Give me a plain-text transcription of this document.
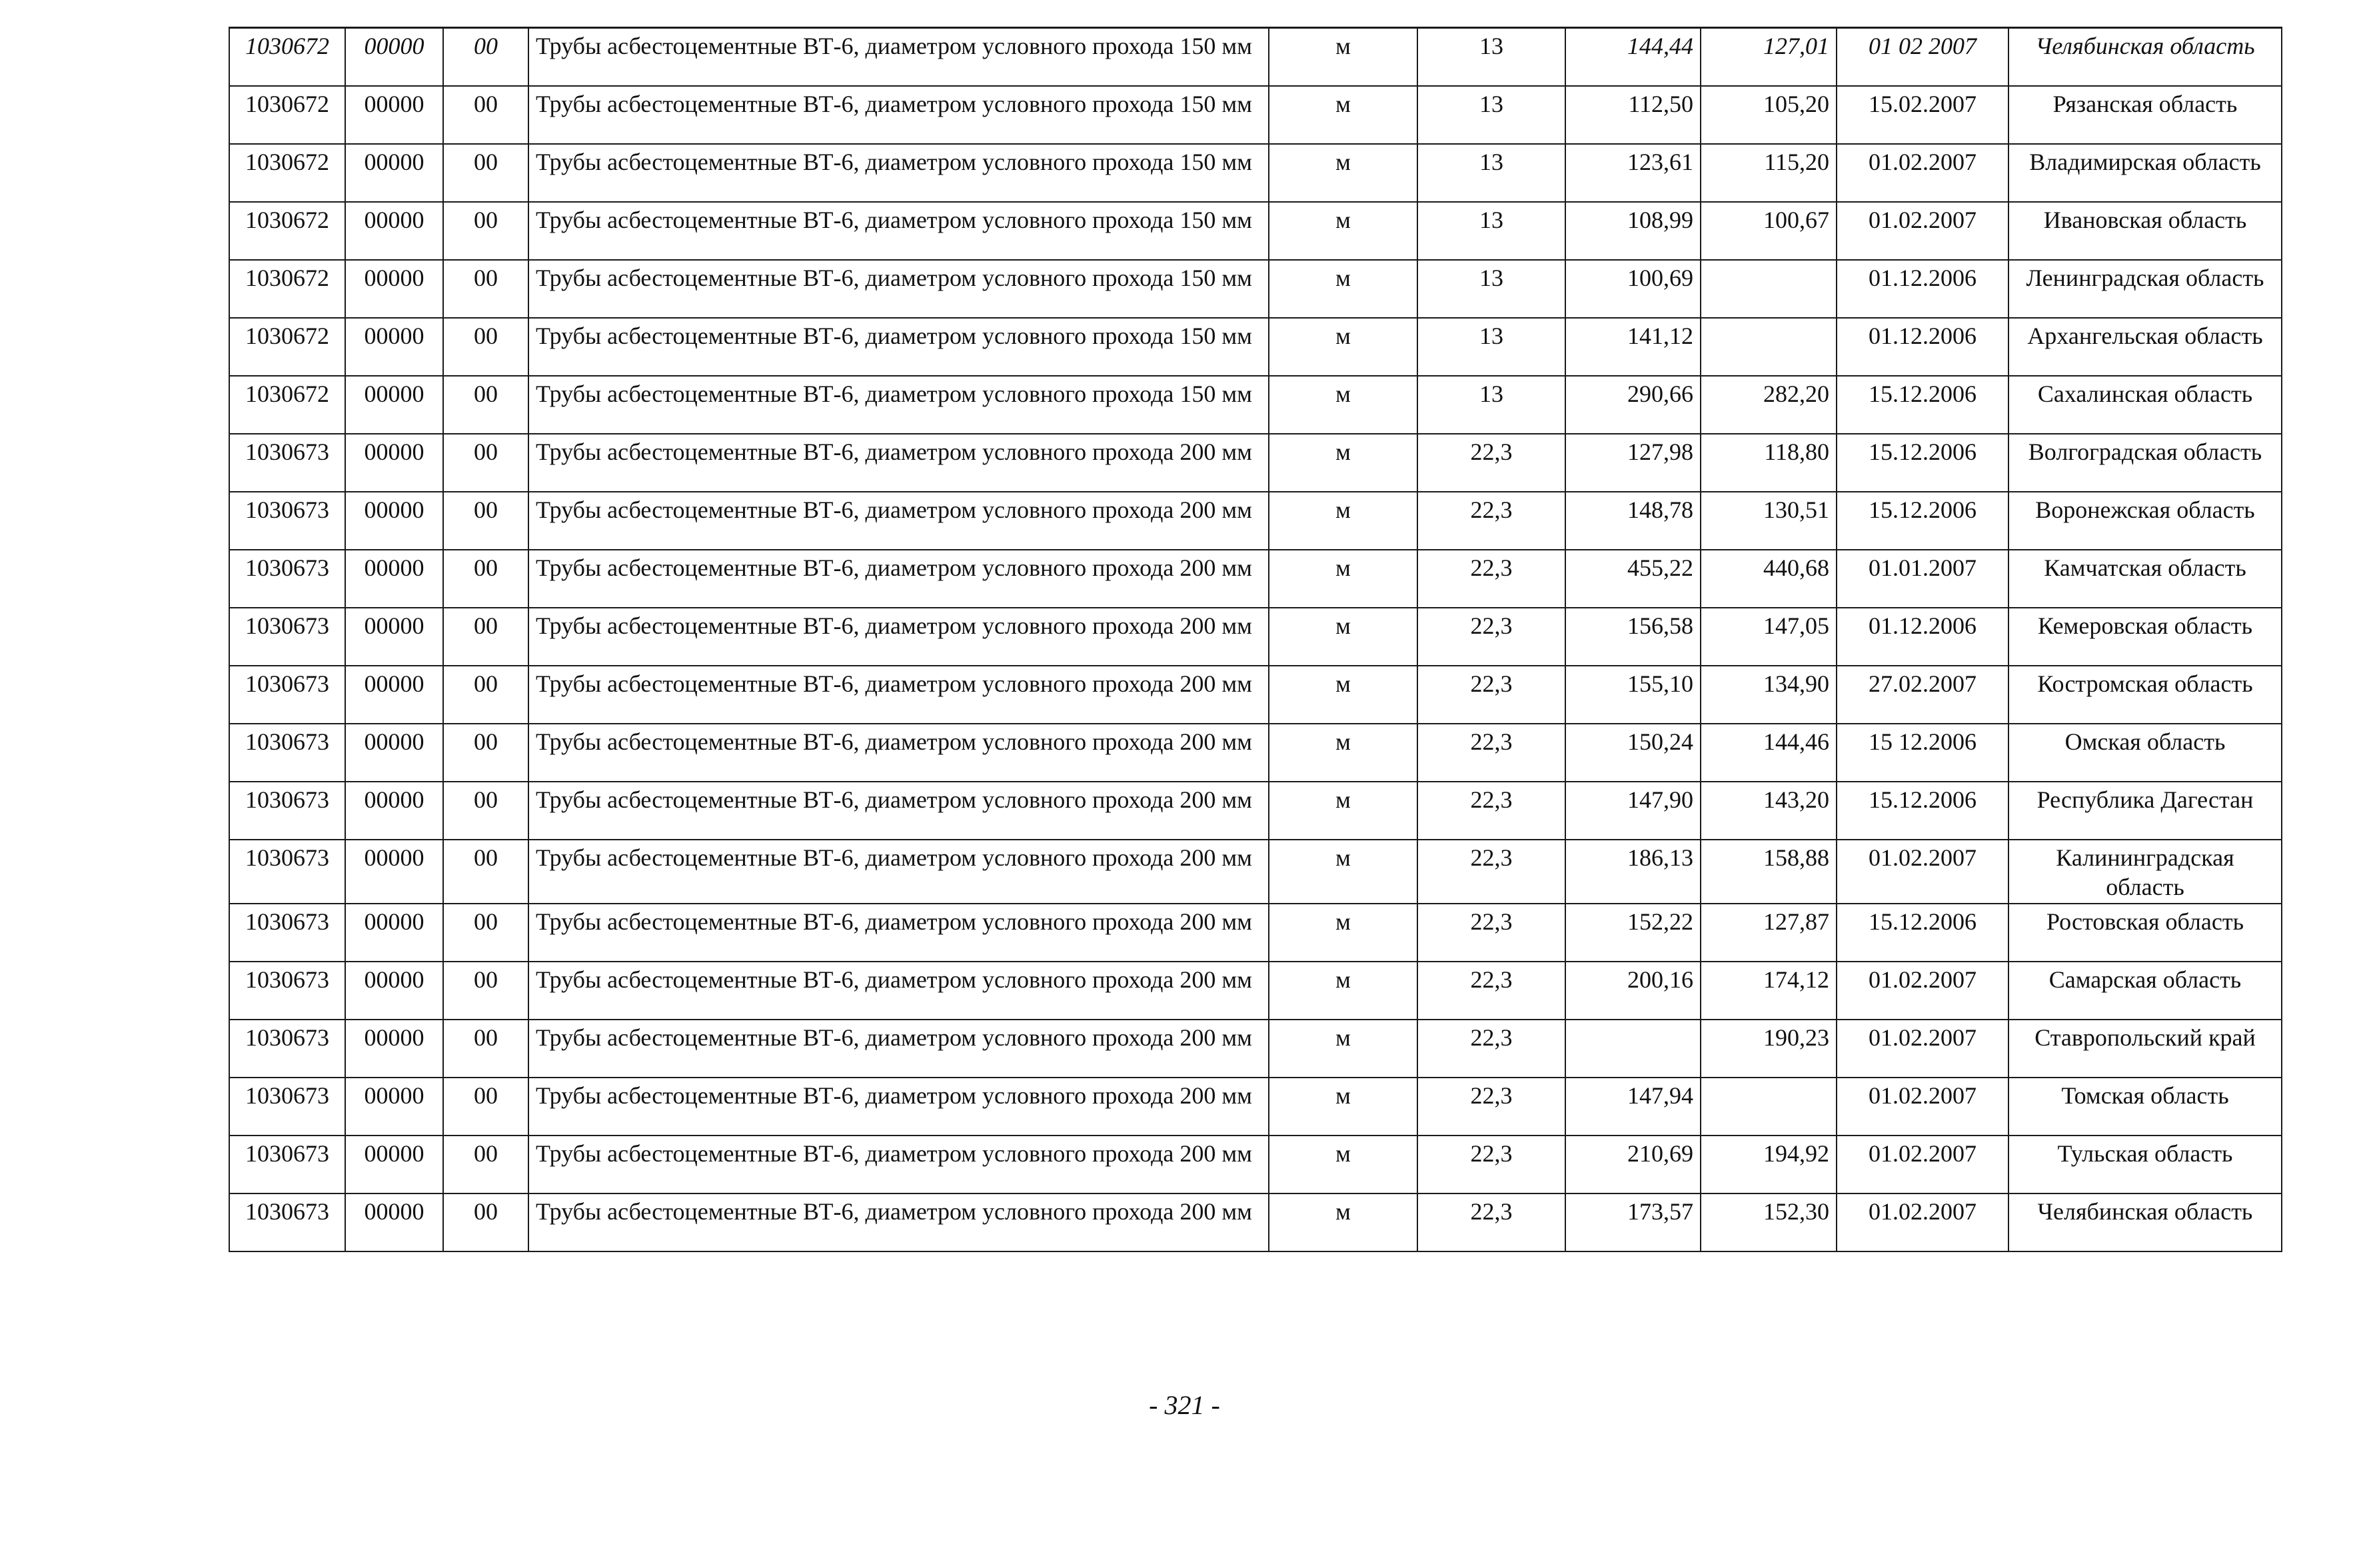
1030672	00000	00	Трубы асбестоцементные ВТ-6, диаметром условного прохода 150 мм	м	13	144,44	127,01	01 02 2007	Челябинская область
1030672	00000	00	Трубы асбестоцементные ВТ-6, диаметром условного прохода 150 мм	м	13	112,50	105,20	15.02.2007	Рязанская область
1030672	00000	00	Трубы асбестоцементные ВТ-6, диаметром условного прохода 150 мм	м	13	123,61	115,20	01.02.2007	Владимирская область
1030672	00000	00	Трубы асбестоцементные ВТ-6, диаметром условного прохода 150 мм	м	13	108,99	100,67	01.02.2007	Ивановская область
1030672	00000	00	Трубы асбестоцементные ВТ-6, диаметром условного прохода 150 мм	м	13	100,69		01.12.2006	Ленинградская область
1030672	00000	00	Трубы асбестоцементные ВТ-6, диаметром условного прохода 150 мм	м	13	141,12		01.12.2006	Архангельская область
1030672	00000	00	Трубы асбестоцементные ВТ-6, диаметром условного прохода 150 мм	м	13	290,66	282,20	15.12.2006	Сахалинская область
1030673	00000	00	Трубы асбестоцементные ВТ-6, диаметром условного прохода 200 мм	м	22,3	127,98	118,80	15.12.2006	Волгоградская область
1030673	00000	00	Трубы асбестоцементные ВТ-6, диаметром условного прохода 200 мм	м	22,3	148,78	130,51	15.12.2006	Воронежская область
1030673	00000	00	Трубы асбестоцементные ВТ-6, диаметром условного прохода 200 мм	м	22,3	455,22	440,68	01.01.2007	Камчатская область
1030673	00000	00	Трубы асбестоцементные ВТ-6, диаметром условного прохода 200 мм	м	22,3	156,58	147,05	01.12.2006	Кемеровская область
1030673	00000	00	Трубы асбестоцементные ВТ-6, диаметром условного прохода 200 мм	м	22,3	155,10	134,90	27.02.2007	Костромская область
1030673	00000	00	Трубы асбестоцементные ВТ-6, диаметром условного прохода 200 мм	м	22,3	150,24	144,46	15 12.2006	Омская область
1030673	00000	00	Трубы асбестоцементные ВТ-6, диаметром условного прохода 200 мм	м	22,3	147,90	143,20	15.12.2006	Республика Дагестан
1030673	00000	00	Трубы асбестоцементные ВТ-6, диаметром условного прохода 200 мм	м	22,3	186,13	158,88	01.02.2007	Калининградская область
1030673	00000	00	Трубы асбестоцементные ВТ-6, диаметром условного прохода 200 мм	м	22,3	152,22	127,87	15.12.2006	Ростовская область
1030673	00000	00	Трубы асбестоцементные ВТ-6, диаметром условного прохода 200 мм	м	22,3	200,16	174,12	01.02.2007	Самарская область
1030673	00000	00	Трубы асбестоцементные ВТ-6, диаметром условного прохода 200 мм	м	22,3		190,23	01.02.2007	Ставропольский край
1030673	00000	00	Трубы асбестоцементные ВТ-6, диаметром условного прохода 200 мм	м	22,3	147,94		01.02.2007	Томская область
1030673	00000	00	Трубы асбестоцементные ВТ-6, диаметром условного прохода 200 мм	м	22,3	210,69	194,92	01.02.2007	Тульская область
1030673	00000	00	Трубы асбестоцементные ВТ-6, диаметром условного прохода 200 мм	м	22,3	173,57	152,30	01.02.2007	Челябинская область
- 321 -
